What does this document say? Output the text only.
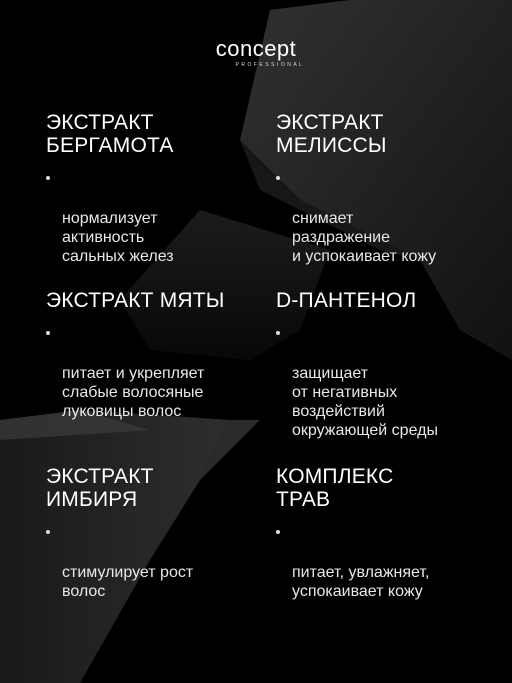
concept
PROFESSIONAL
ЭКСТРАКТ
БЕРГАМОТА

нормализует
активность
сальных желез

ЭКСТРАКТ
МЕЛИССЫ

снимает
раздражение
и успокаивает кожу

ЭКСТРАКТ МЯТЫ

питает и укрепляет
слабые волосяные
луковицы волос

D-ПАНТЕНОЛ

защищает
от негативных
воздействий
окружающей среды

ЭКСТРАКТ
ИМБИРЯ

стимулирует рост
волос

КОМПЛЕКС
ТРАВ

питает, увлажняет,
успокаивает кожу
